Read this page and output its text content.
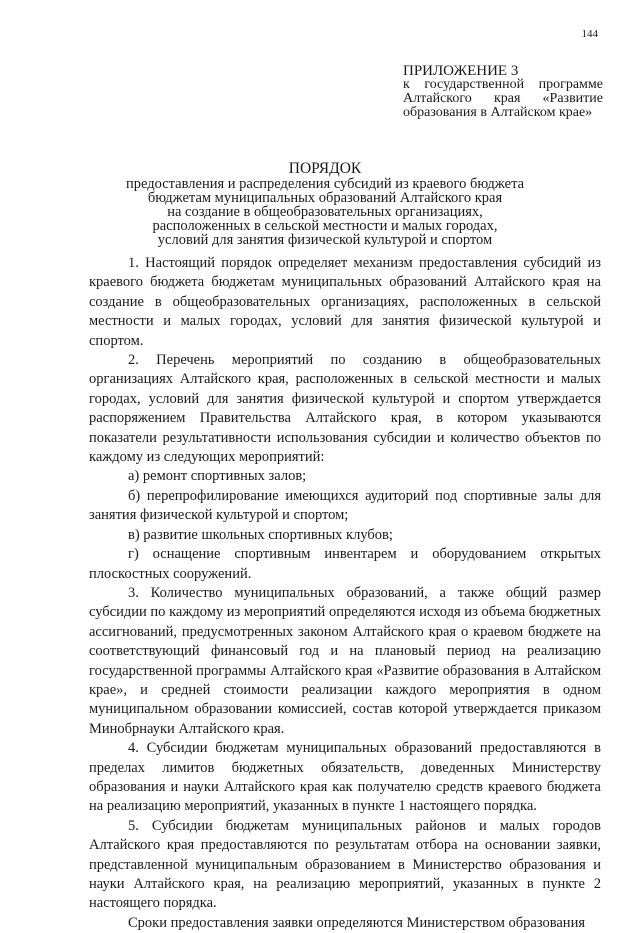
144
ПРИЛОЖЕНИЕ 3
к государственной программе
Алтайского края «Развитие
образования в Алтайском крае»
ПОРЯДОК
предоставления и распределения субсидий из краевого бюджета
бюджетам муниципальных образований Алтайского края
на создание в общеобразовательных организациях,
расположенных в сельской местности и малых городах,
условий для занятия физической культурой и спортом

1. Настоящий порядок определяет механизм предоставления субсидий из краевого бюджета бюджетам муниципальных образований Алтайского края на создание в общеобразовательных организациях, расположенных в сельской местности и малых городах, условий для занятия физической культурой и спортом.

2. Перечень мероприятий по созданию в общеобразовательных организациях Алтайского края, расположенных в сельской местности и малых городах, условий для занятия физической культурой и спортом утверждается распоряжением Правительства Алтайского края, в котором указываются показатели результативности использования субсидии и количество объектов по каждому из следующих мероприятий:

а) ремонт спортивных залов;

б) перепрофилирование имеющихся аудиторий под спортивные залы для занятия физической культурой и спортом;

в) развитие школьных спортивных клубов;

г) оснащение спортивным инвентарем и оборудованием открытых плоскостных сооружений.

3. Количество муниципальных образований, а также общий размер субсидии по каждому из мероприятий определяются исходя из объема бюджетных ассигнований, предусмотренных законом Алтайского края о краевом бюджете на соответствующий финансовый год и на плановый период на реализацию государственной программы Алтайского края «Развитие образования в Алтайском крае», и средней стоимости реализации каждого мероприятия в одном муниципальном образовании комиссией, состав которой утверждается приказом Минобрнауки Алтайского края.

4. Субсидии бюджетам муниципальных образований предоставляются в пределах лимитов бюджетных обязательств, доведенных Министерству образования и науки Алтайского края как получателю средств краевого бюджета на реализацию мероприятий, указанных в пункте 1 настоящего порядка.

5. Субсидии бюджетам муниципальных районов и малых городов Алтайского края предоставляются по результатам отбора на основании заявки, представленной муниципальным образованием в Министерство образования и науки Алтайского края, на реализацию мероприятий, указанных в пункте 2 настоящего порядка.

Сроки предоставления заявки определяются Министерством образования
